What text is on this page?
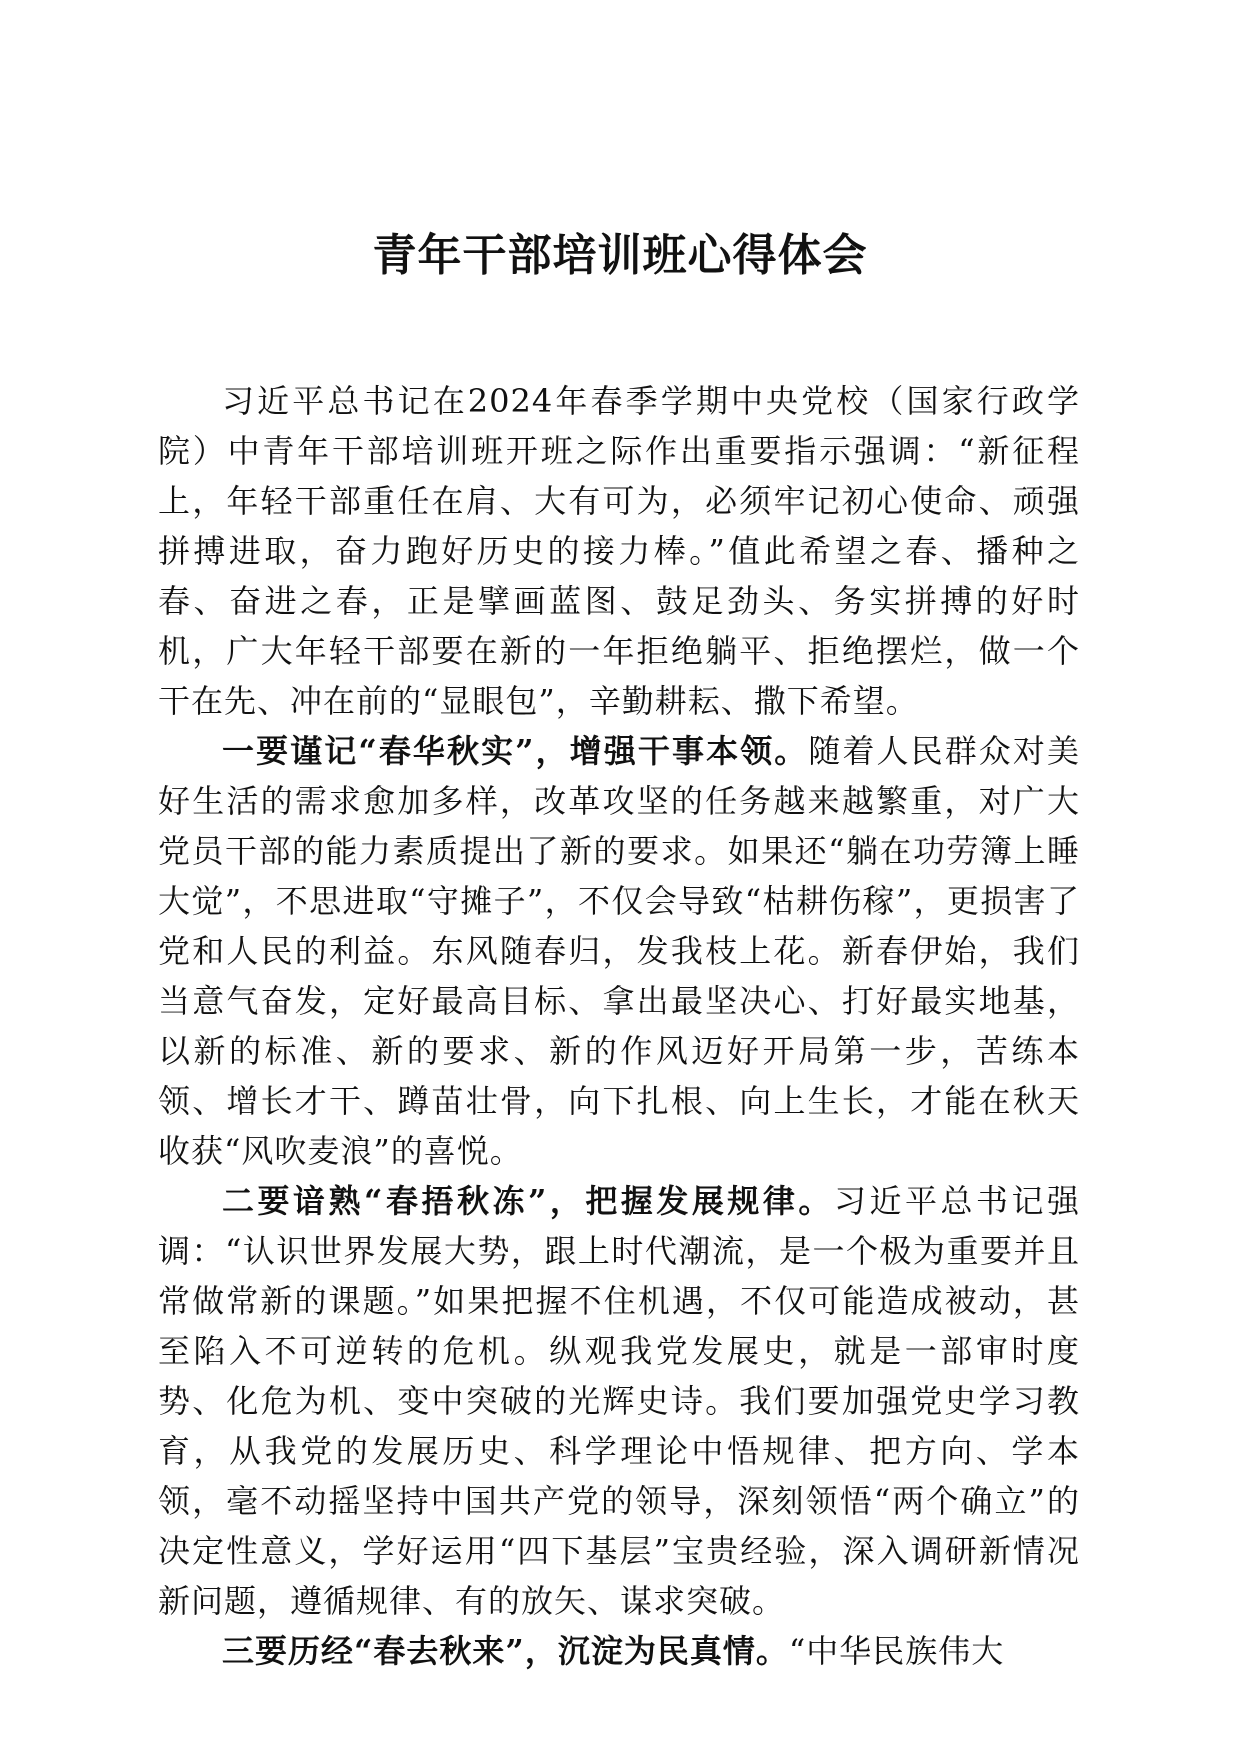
青年干部培训班心得体会

习近平总书记在2024年春季学期中央党校（国家行政学院）中青年干部培训班开班之际作出重要指示强调：“新征程上，年轻干部重任在肩、大有可为，必须牢记初心使命、顽强拼搏进取，奋力跑好历史的接力棒。”值此希望之春、播种之春、奋进之春，正是擘画蓝图、鼓足劲头、务实拼搏的好时机，广大年轻干部要在新的一年拒绝躺平、拒绝摆烂，做一个干在先、冲在前的“显眼包”，辛勤耕耘、撒下希望。

一要谨记“春华秋实”，增强干事本领。随着人民群众对美好生活的需求愈加多样，改革攻坚的任务越来越繁重，对广大党员干部的能力素质提出了新的要求。如果还“躺在功劳簿上睡大觉”，不思进取“守摊子”，不仅会导致“枯耕伤稼”，更损害了党和人民的利益。东风随春归，发我枝上花。新春伊始，我们当意气奋发，定好最高目标、拿出最坚决心、打好最实地基，以新的标准、新的要求、新的作风迈好开局第一步，苦练本领、增长才干、蹲苗壮骨，向下扎根、向上生长，才能在秋天收获“风吹麦浪”的喜悦。

二要谙熟“春捂秋冻”，把握发展规律。习近平总书记强调：“认识世界发展大势，跟上时代潮流，是一个极为重要并且常做常新的课题。”如果把握不住机遇，不仅可能造成被动，甚至陷入不可逆转的危机。纵观我党发展史，就是一部审时度势、化危为机、变中突破的光辉史诗。我们要加强党史学习教育，从我党的发展历史、科学理论中悟规律、把方向、学本领，毫不动摇坚持中国共产党的领导，深刻领悟“两个确立”的决定性意义，学好运用“四下基层”宝贵经验，深入调研新情况新问题，遵循规律、有的放矢、谋求突破。

三要历经“春去秋来”，沉淀为民真情。“中华民族伟大
